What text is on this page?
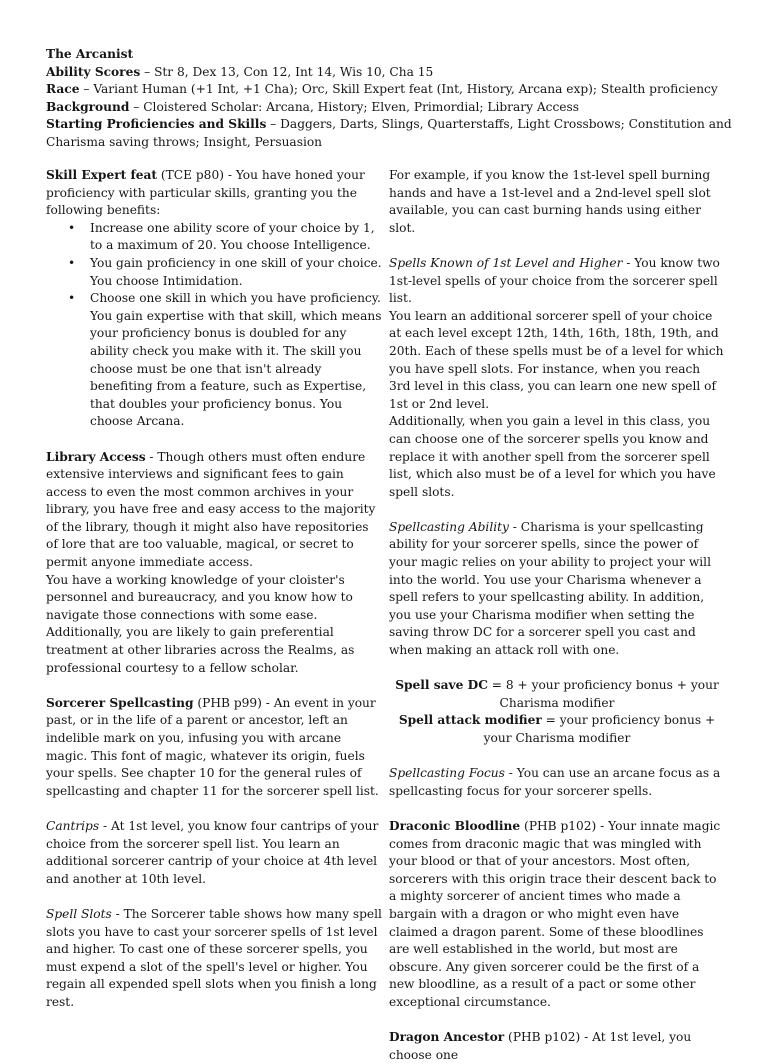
The Arcanist

Ability Scores – Str 8, Dex 13, Con 12, Int 14, Wis 10, Cha 15

Race – Variant Human (+1 Int, +1 Cha); Orc, Skill Expert feat (Int, History, Arcana exp); Stealth proficiency

Background – Cloistered Scholar: Arcana, History; Elven, Primordial; Library Access

Starting Proficiencies and Skills – Daggers, Darts, Slings, Quarterstaffs, Light Crossbows; Constitution and Charisma saving throws; Insight, Persuasion

Skill Expert feat (TCE p80) - You have honed your proficiency with particular skills, granting you the following benefits:

• Increase one ability score of your choice by 1, to a maximum of 20. You choose Intelligence.
• You gain proficiency in one skill of your choice. You choose Intimidation.
• Choose one skill in which you have proficiency. You gain expertise with that skill, which means your proficiency bonus is doubled for any ability check you make with it. The skill you choose must be one that isn't already benefiting from a feature, such as Expertise, that doubles your proficiency bonus. You choose Arcana.

Library Access - Though others must often endure extensive interviews and significant fees to gain access to even the most common archives in your library, you have free and easy access to the majority of the library, though it might also have repositories of lore that are too valuable, magical, or secret to permit anyone immediate access.

You have a working knowledge of your cloister's personnel and bureaucracy, and you know how to navigate those connections with some ease.

Additionally, you are likely to gain preferential treatment at other libraries across the Realms, as professional courtesy to a fellow scholar.

Sorcerer Spellcasting (PHB p99) - An event in your past, or in the life of a parent or ancestor, left an indelible mark on you, infusing you with arcane magic. This font of magic, whatever its origin, fuels your spells. See chapter 10 for the general rules of spellcasting and chapter 11 for the sorcerer spell list.

Cantrips - At 1st level, you know four cantrips of your choice from the sorcerer spell list. You learn an additional sorcerer cantrip of your choice at 4th level and another at 10th level.

Spell Slots - The Sorcerer table shows how many spell slots you have to cast your sorcerer spells of 1st level and higher. To cast one of these sorcerer spells, you must expend a slot of the spell's level or higher. You regain all expended spell slots when you finish a long rest.

For example, if you know the 1st-level spell burning hands and have a 1st-level and a 2nd-level spell slot available, you can cast burning hands using either slot.

Spells Known of 1st Level and Higher - You know two 1st-level spells of your choice from the sorcerer spell list.

You learn an additional sorcerer spell of your choice at each level except 12th, 14th, 16th, 18th, 19th, and 20th. Each of these spells must be of a level for which you have spell slots. For instance, when you reach 3rd level in this class, you can learn one new spell of 1st or 2nd level.

Additionally, when you gain a level in this class, you can choose one of the sorcerer spells you know and replace it with another spell from the sorcerer spell list, which also must be of a level for which you have spell slots.

Spellcasting Ability - Charisma is your spellcasting ability for your sorcerer spells, since the power of your magic relies on your ability to project your will into the world. You use your Charisma whenever a spell refers to your spellcasting ability. In addition, you use your Charisma modifier when setting the saving throw DC for a sorcerer spell you cast and when making an attack roll with one.

Spell save DC = 8 + your proficiency bonus + your Charisma modifier

Spell attack modifier = your proficiency bonus + your Charisma modifier

Spellcasting Focus - You can use an arcane focus as a spellcasting focus for your sorcerer spells.

Draconic Bloodline (PHB p102) - Your innate magic comes from draconic magic that was mingled with your blood or that of your ancestors. Most often, sorcerers with this origin trace their descent back to a mighty sorcerer of ancient times who made a bargain with a dragon or who might even have claimed a dragon parent. Some of these bloodlines are well established in the world, but most are obscure. Any given sorcerer could be the first of a new bloodline, as a result of a pact or some other exceptional circumstance.

Dragon Ancestor (PHB p102) - At 1st level, you choose one
